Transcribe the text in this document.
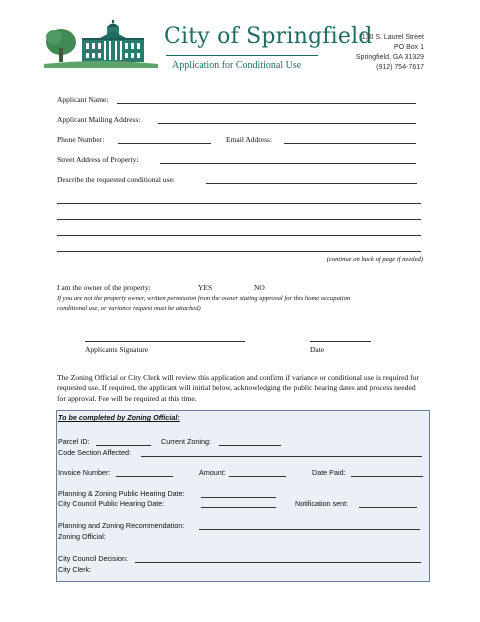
City of Springfield
Application for Conditional Use
130 S. Laurel Street
PO Box 1
Springfield, GA 31329
(912) 754-7617
Applicant Name:
Applicant Mailing Address:
Phone Number:	Email Address:
Street Address of Property:
Describe the requested conditional use:
(continue on back of page if needed)
I am the owner of the property:	YES	NO
If you are not the property owner, written permission from the owner stating approval for this home occupation
conditional use, or variance request must be attached)
Applicants Signature	Date
The Zoning Official or City Clerk will review this application and confirm if variance or conditional use is required for requested use. If required, the applicant will initial below, acknowledging the public hearing dates and process needed for approval. Fee will be required at this time.
To be completed by Zoning Official:
Parcel ID:	Current Zoning:
Code Section Affected:
Invoice Number:	Amount:	Date Paid:
Planning & Zoning Public Hearing Date:
City Council Public Hearing Date:	Notification sent:
Planning and Zoning Recommendation:
Zoning Official:
City Council Decision:
City Clerk:
